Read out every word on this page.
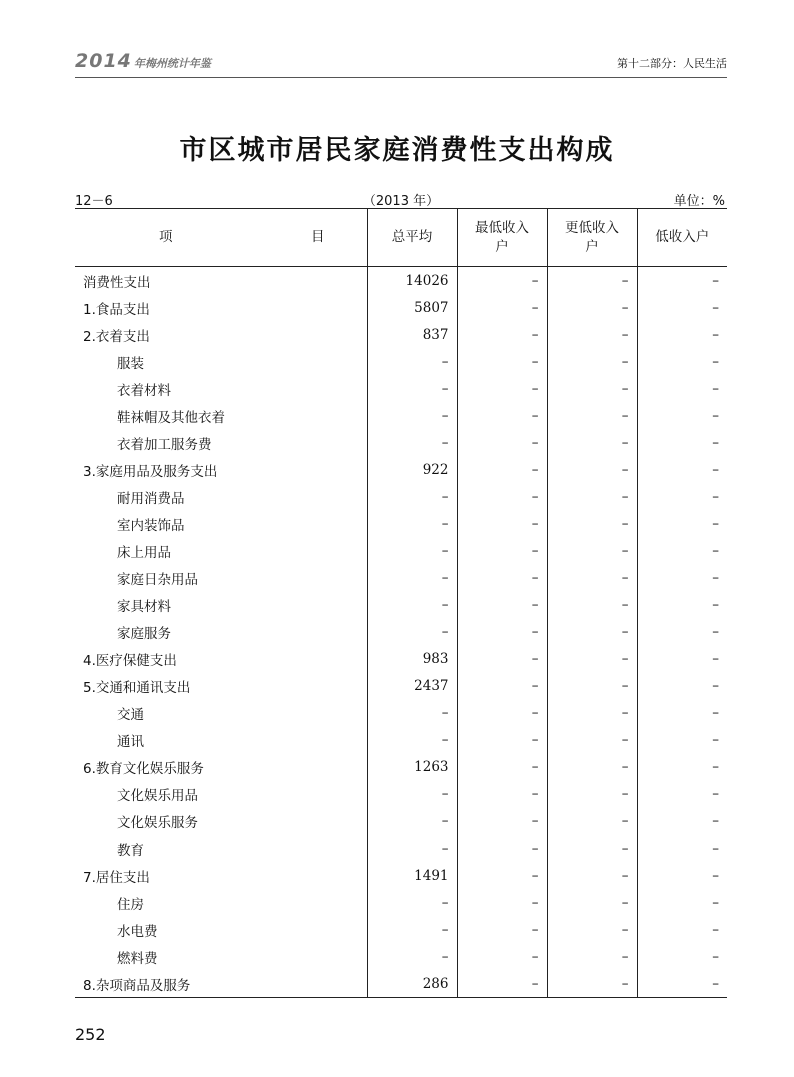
2014 年梅州统计年鉴	第十二部分：人民生活
市区城市居民家庭消费性支出构成
12－6	（2013 年）	单位：%
项 目	总平均	最低收入户	更低收入户	低收入户
消费性支出	14026	–	–	–
1.食品支出	5807	–	–	–
2.衣着支出	837	–	–	–
服装	–	–	–	–
衣着材料	–	–	–	–
鞋袜帽及其他衣着	–	–	–	–
衣着加工服务费	–	–	–	–
3.家庭用品及服务支出	922	–	–	–
耐用消费品	–	–	–	–
室内装饰品	–	–	–	–
床上用品	–	–	–	–
家庭日杂用品	–	–	–	–
家具材料	–	–	–	–
家庭服务	–	–	–	–
4.医疗保健支出	983	–	–	–
5.交通和通讯支出	2437	–	–	–
交通	–	–	–	–
通讯	–	–	–	–
6.教育文化娱乐服务	1263	–	–	–
文化娱乐用品	–	–	–	–
文化娱乐服务	–	–	–	–
教育	–	–	–	–
7.居住支出	1491	–	–	–
住房	–	–	–	–
水电费	–	–	–	–
燃料费	–	–	–	–
8.杂项商品及服务	286	–	–	–
252
